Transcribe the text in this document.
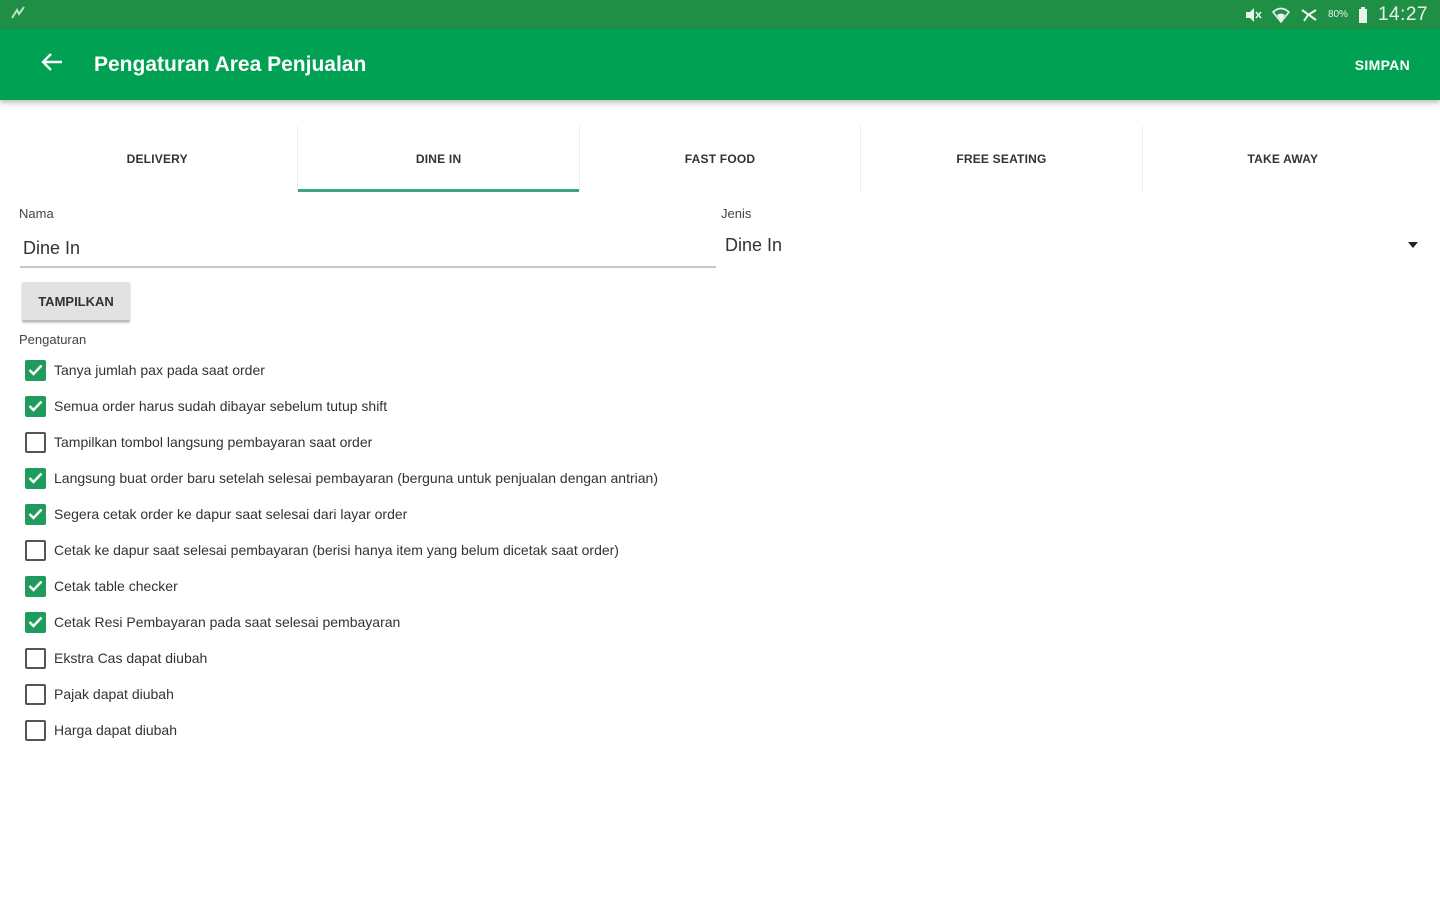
80% 14:27
Pengaturan Area Penjualan	SIMPAN
DELIVERY	DINE IN	FAST FOOD	FREE SEATING	TAKE AWAY
Nama
Dine In	Jenis
Dine In
TAMPILKAN
Pengaturan
Tanya jumlah pax pada saat order
Semua order harus sudah dibayar sebelum tutup shift
Tampilkan tombol langsung pembayaran saat order
Langsung buat order baru setelah selesai pembayaran (berguna untuk penjualan dengan antrian)
Segera cetak order ke dapur saat selesai dari layar order
Cetak ke dapur saat selesai pembayaran (berisi hanya item yang belum dicetak saat order)
Cetak table checker
Cetak Resi Pembayaran pada saat selesai pembayaran
Ekstra Cas dapat diubah
Pajak dapat diubah
Harga dapat diubah
